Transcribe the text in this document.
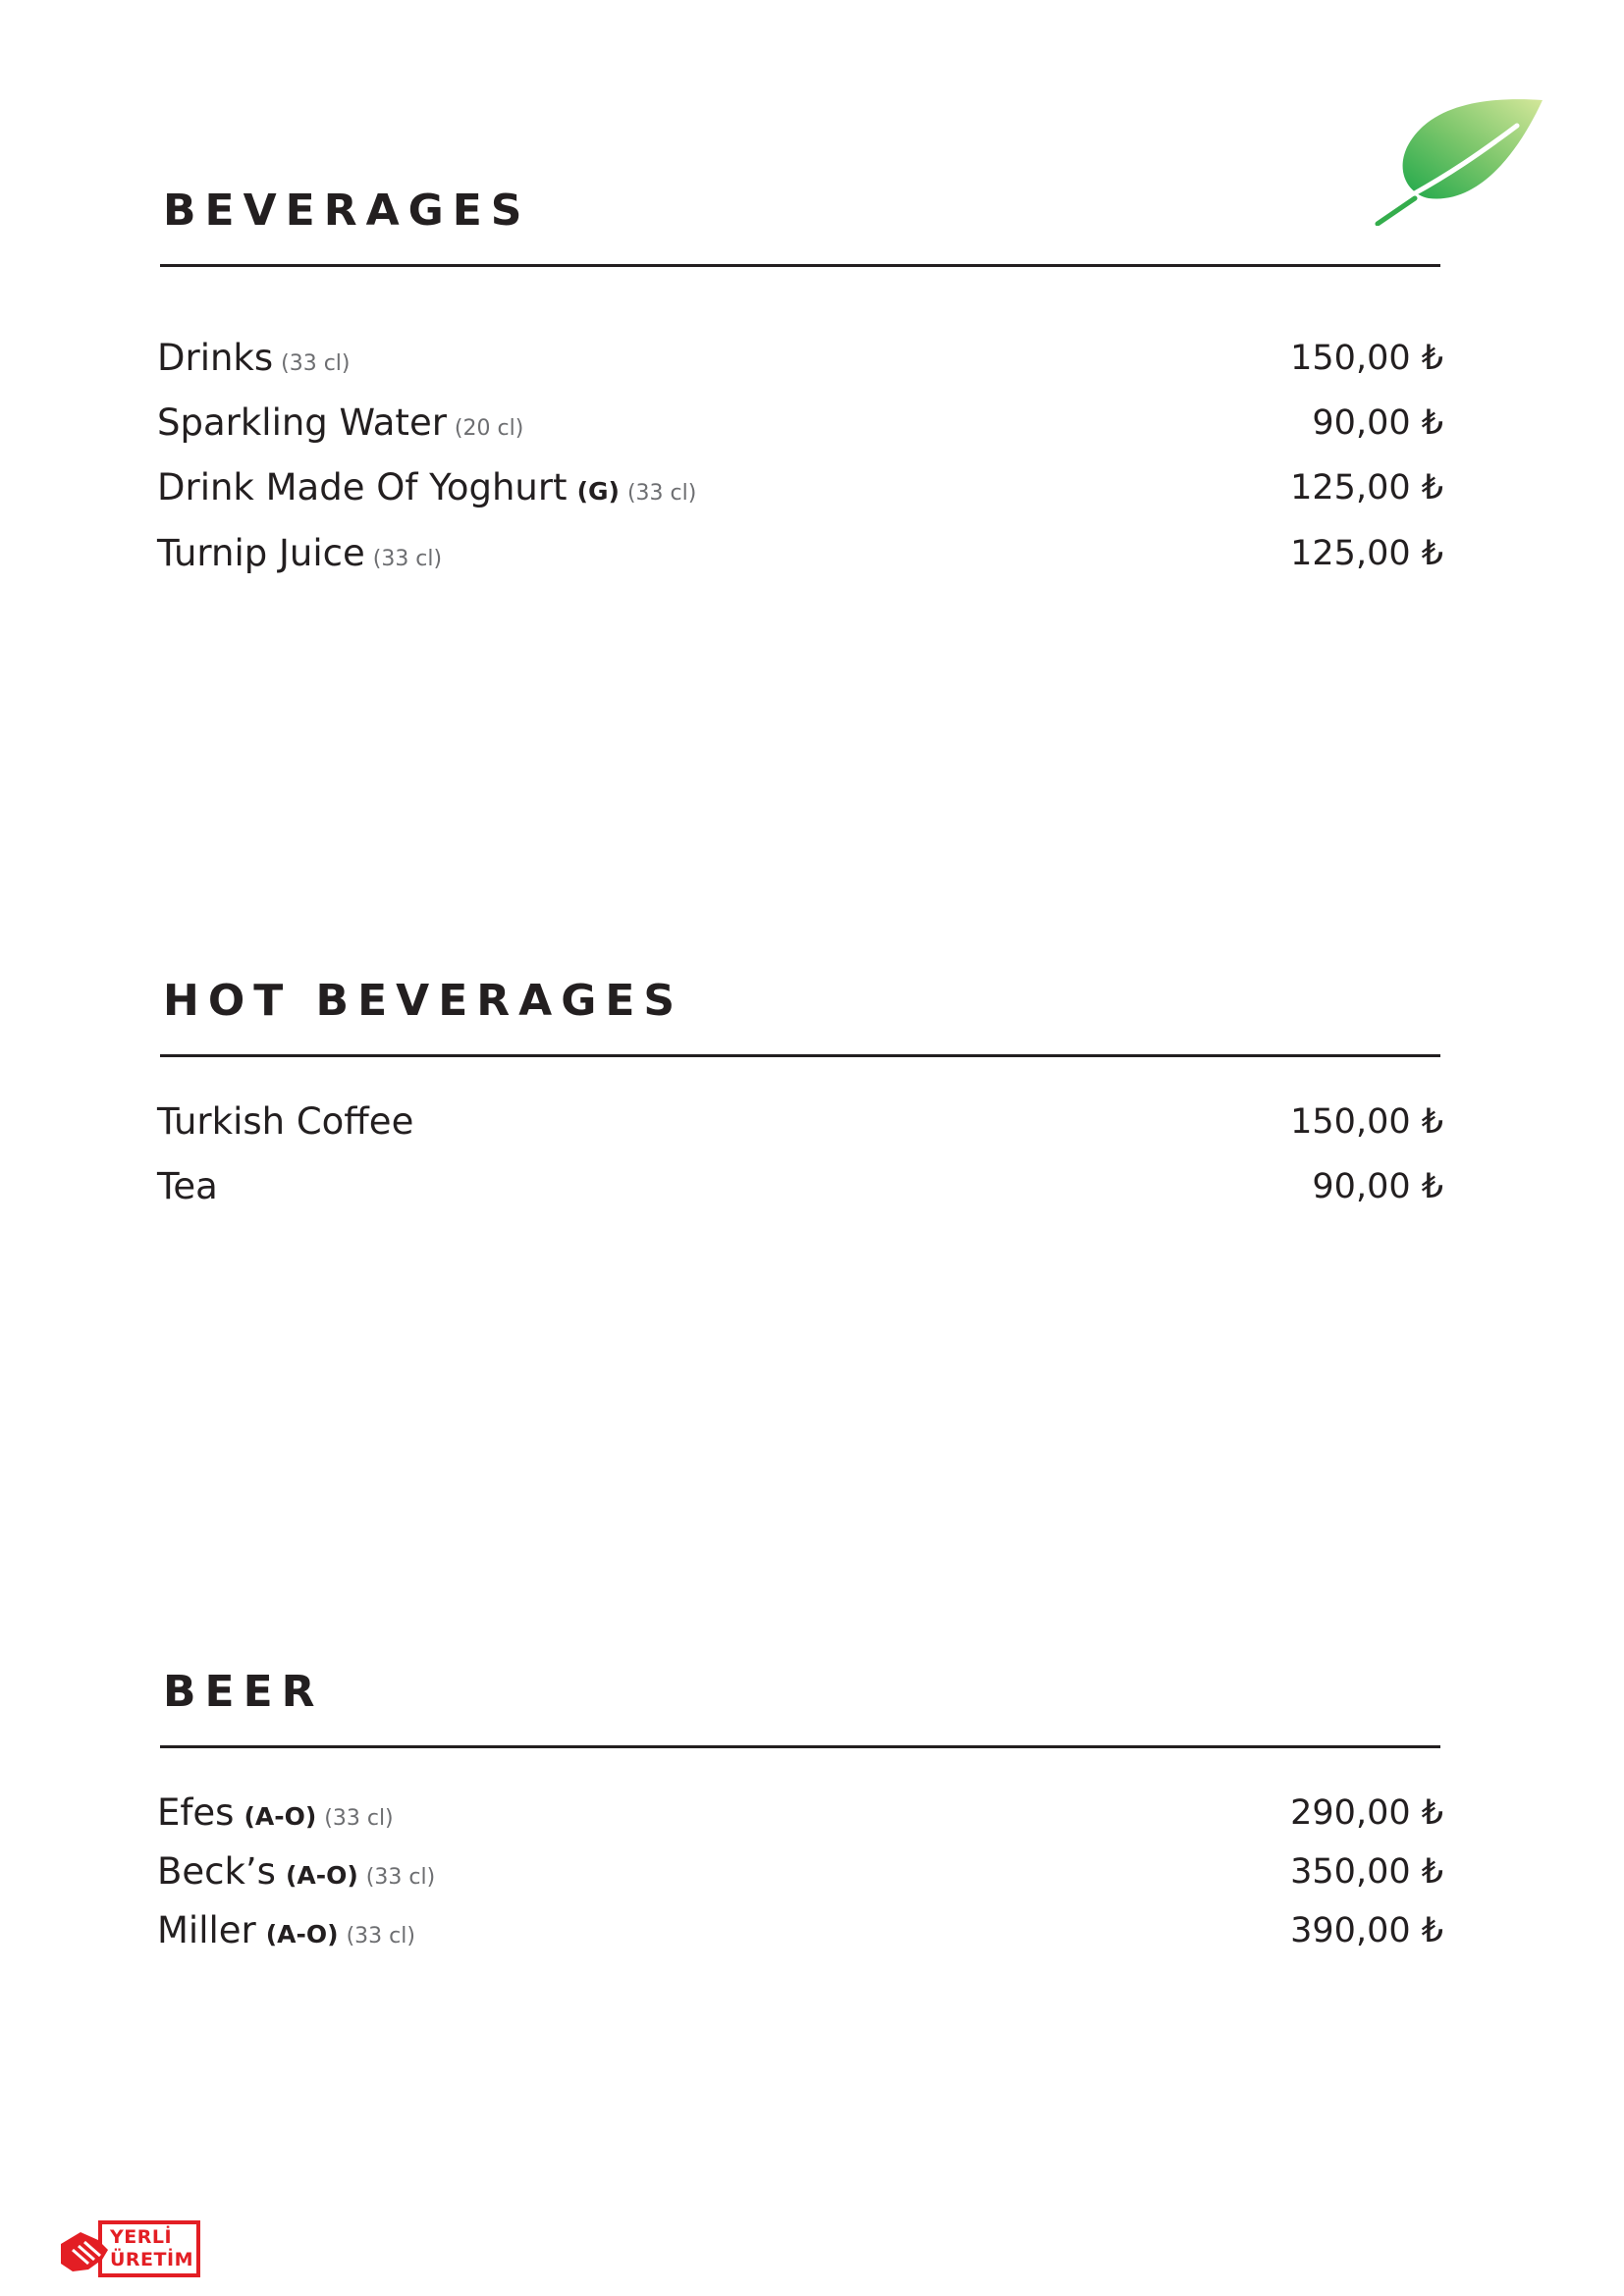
BEVERAGES
Drinks (33 cl)	150,00 ₺
Sparkling Water (20 cl)	90,00 ₺
Drink Made Of Yoghurt (G) (33 cl)	125,00 ₺
Turnip Juice (33 cl)	125,00 ₺
HOT BEVERAGES
Turkish Coffee	150,00 ₺
Tea	90,00 ₺
BEER
Efes (A-O) (33 cl)	290,00 ₺
Beck’s (A-O) (33 cl)	350,00 ₺
Miller (A-O) (33 cl)	390,00 ₺
YERLİ
ÜRETİM
